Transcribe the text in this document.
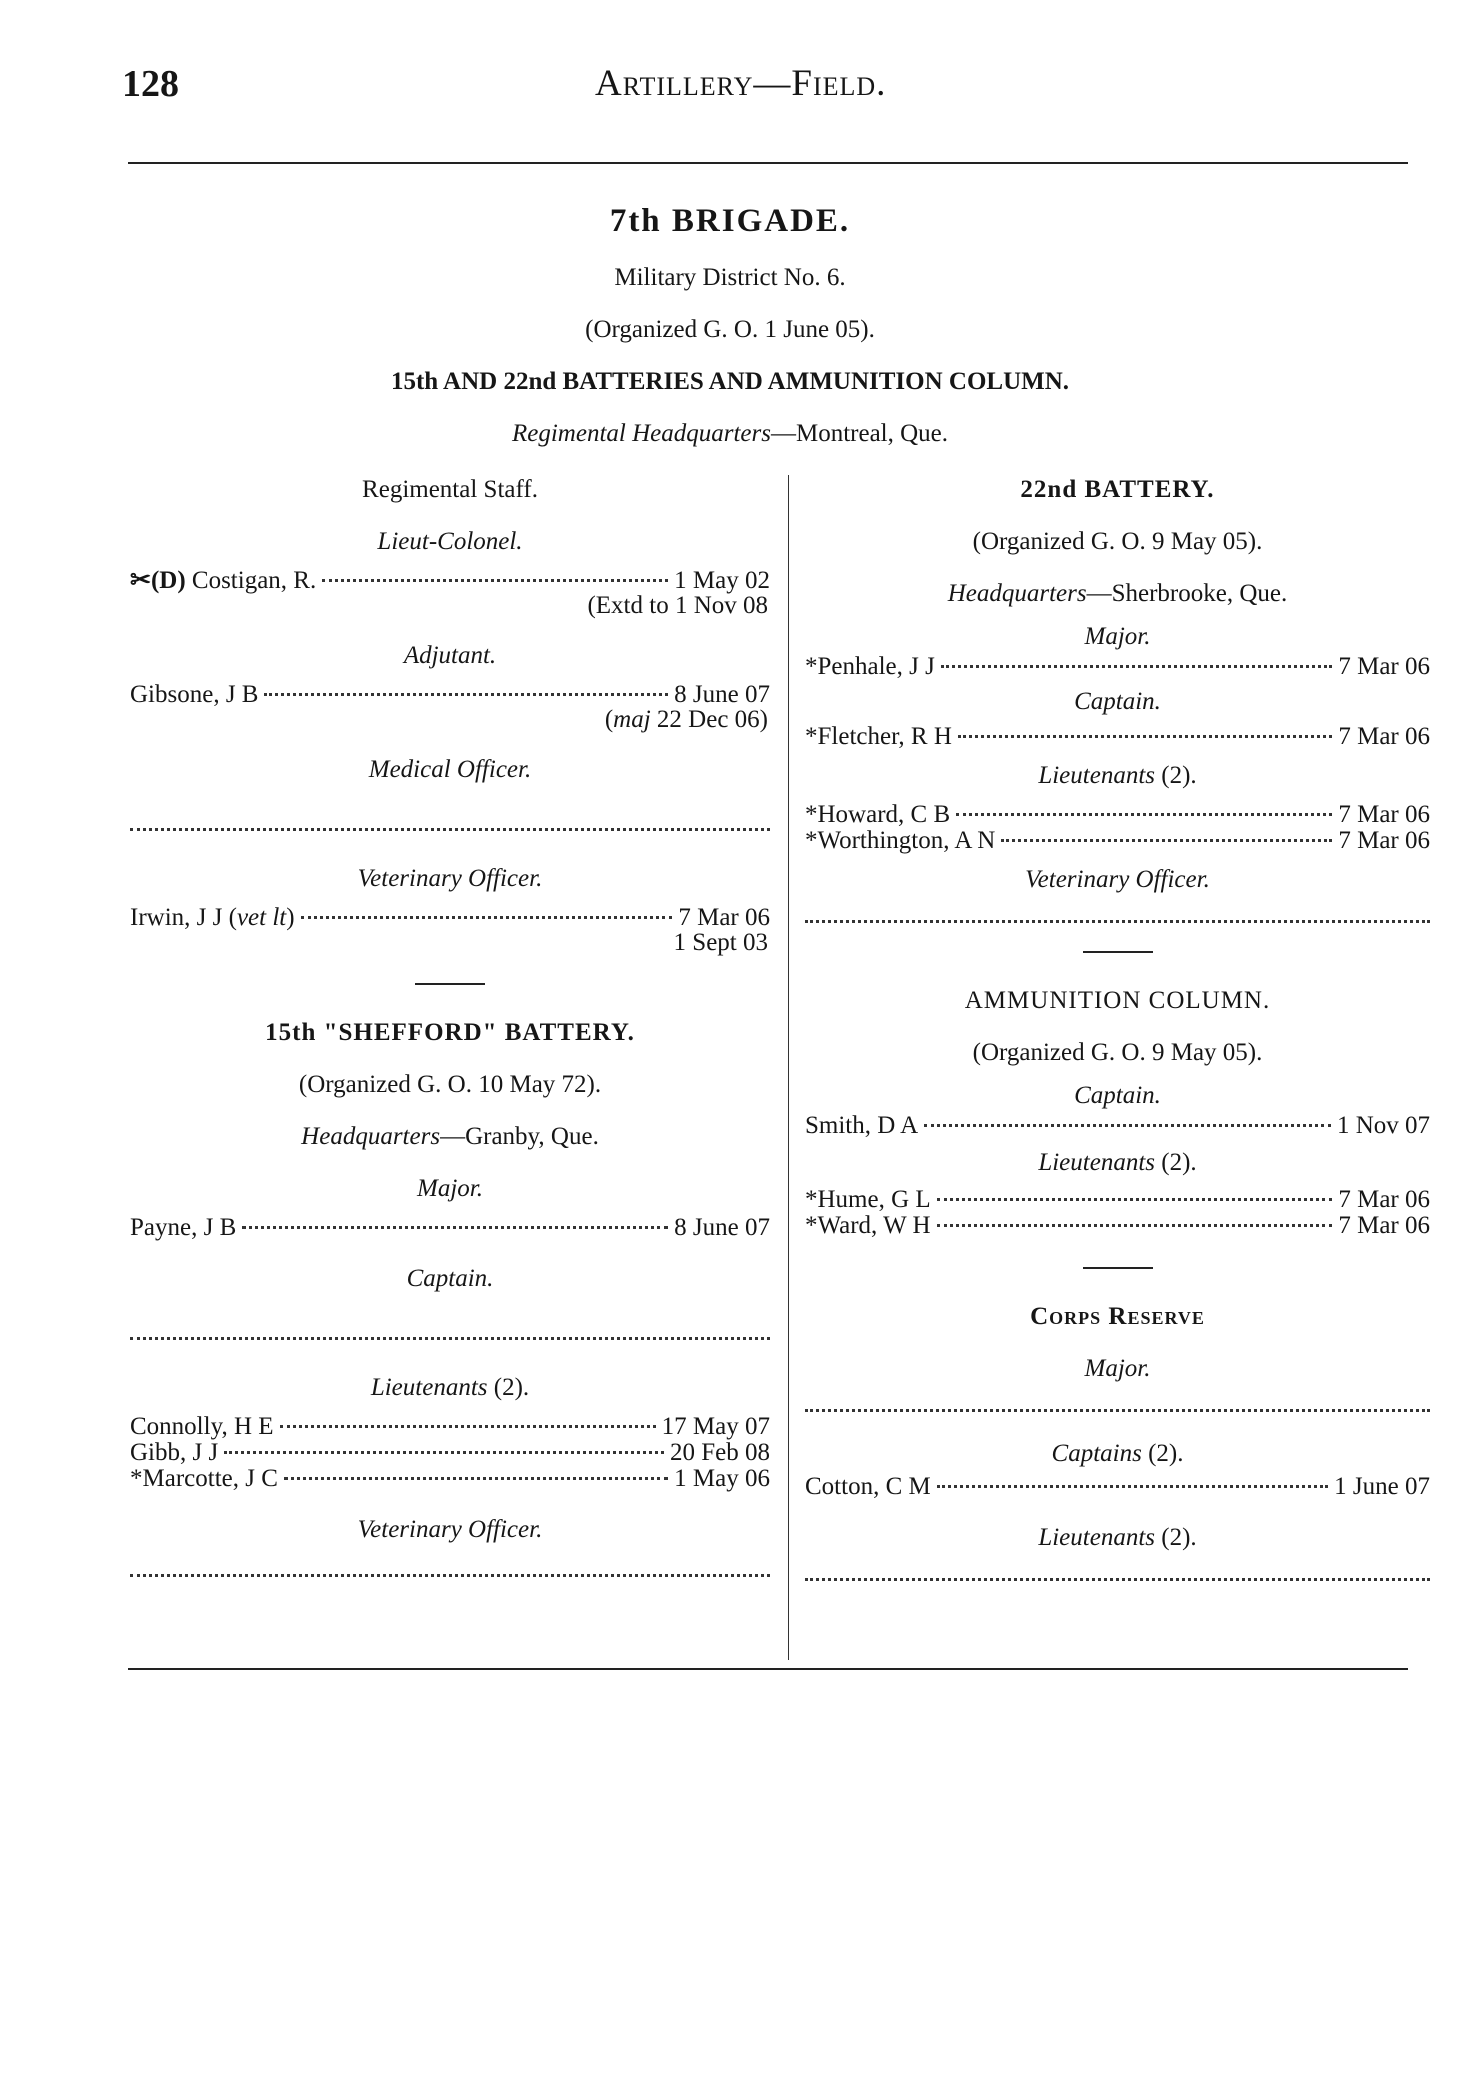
128	Artillery—Field.
7th BRIGADE.
Military District No. 6.
(Organized G. O. 1 June 05).
15th AND 22nd BATTERIES AND AMMUNITION COLUMN.
Regimental Headquarters—Montreal, Que.
Regimental Staff.
Lieut-Colonel.
✂(D) Costigan, R.	1 May 02
(Extd to 1 Nov 08
Adjutant.
Gibsone, J B	8 June 07
(maj 22 Dec 06)
Medical Officer.
Veterinary Officer.
Irwin, J J (vet lt)	7 Mar 06
1 Sept 03
15th "SHEFFORD" BATTERY.
(Organized G. O. 10 May 72).
Headquarters—Granby, Que.
Major.
Payne, J B	8 June 07
Captain.
Lieutenants (2).
Connolly, H E	17 May 07
Gibb, J J	20 Feb 08
*Marcotte, J C	1 May 06
Veterinary Officer.
22nd BATTERY.
(Organized G. O. 9 May 05).
Headquarters—Sherbrooke, Que.
Major.
*Penhale, J J	7 Mar 06
Captain.
*Fletcher, R H	7 Mar 06
Lieutenants (2).
*Howard, C B	7 Mar 06
*Worthington, A N	7 Mar 06
Veterinary Officer.
AMMUNITION COLUMN.
(Organized G. O. 9 May 05).
Captain.
Smith, D A	1 Nov 07
Lieutenants (2).
*Hume, G L	7 Mar 06
*Ward, W H	7 Mar 06
Corps Reserve
Major.
Captains (2).
Cotton, C M	1 June 07
Lieutenants (2).
